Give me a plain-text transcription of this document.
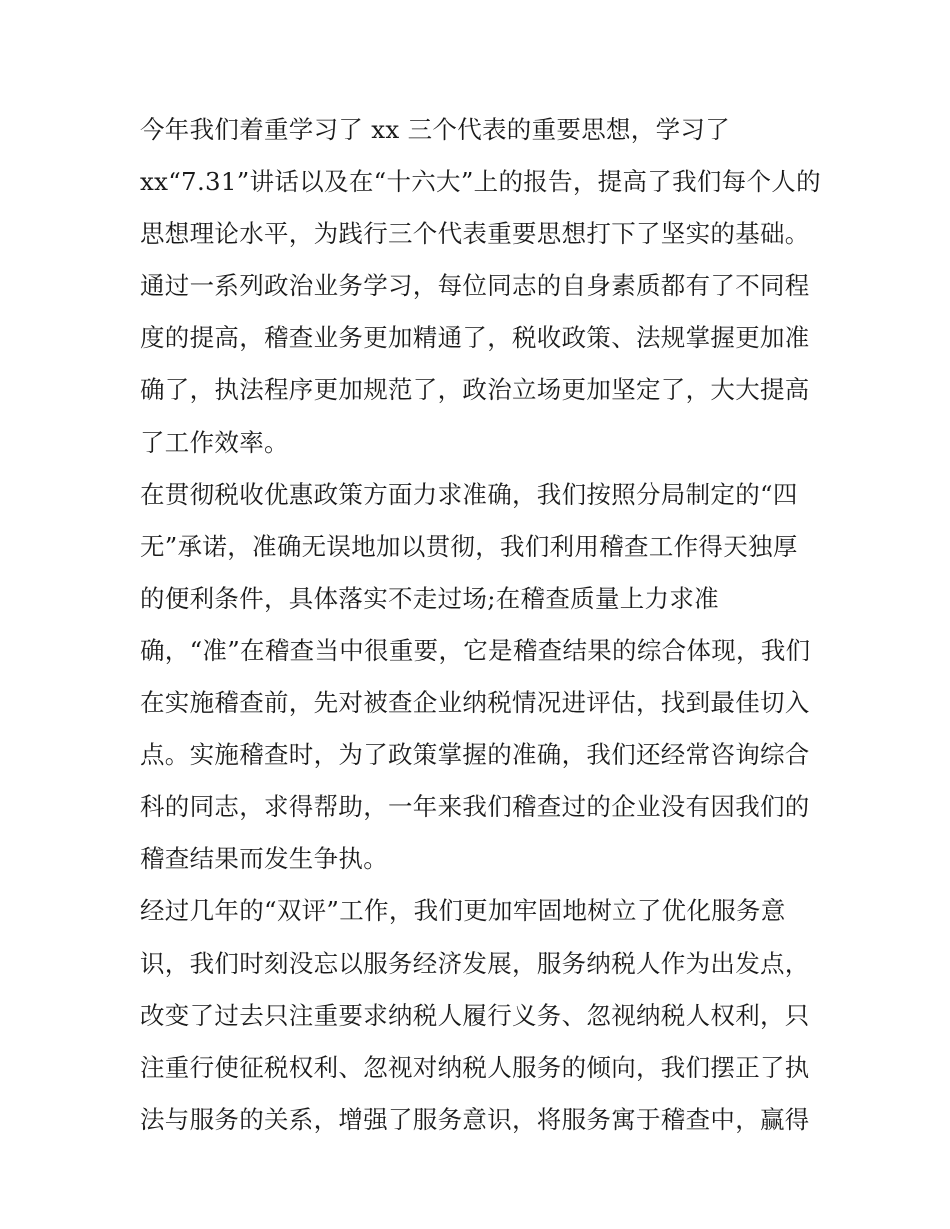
今年我们着重学习了 xx 三个代表的重要思想，学习了
xx“7.31”讲话以及在“十六大”上的报告，提高了我们每个人的
思想理论水平，为践行三个代表重要思想打下了坚实的基础。
通过一系列政治业务学习，每位同志的自身素质都有了不同程
度的提高，稽查业务更加精通了，税收政策、法规掌握更加准
确了，执法程序更加规范了，政治立场更加坚定了，大大提高
了工作效率。
在贯彻税收优惠政策方面力求准确，我们按照分局制定的“四
无”承诺，准确无误地加以贯彻，我们利用稽查工作得天独厚
的便利条件，具体落实不走过场;在稽查质量上力求准
确，“准”在稽查当中很重要，它是稽查结果的综合体现，我们
在实施稽查前，先对被查企业纳税情况进评估，找到最佳切入
点。实施稽查时，为了政策掌握的准确，我们还经常咨询综合
科的同志，求得帮助，一年来我们稽查过的企业没有因我们的
稽查结果而发生争执。
经过几年的“双评”工作，我们更加牢固地树立了优化服务意
识，我们时刻没忘以服务经济发展，服务纳税人作为出发点，
改变了过去只注重要求纳税人履行义务、忽视纳税人权利，只
注重行使征税权利、忽视对纳税人服务的倾向，我们摆正了执
法与服务的关系，增强了服务意识，将服务寓于稽查中，赢得
